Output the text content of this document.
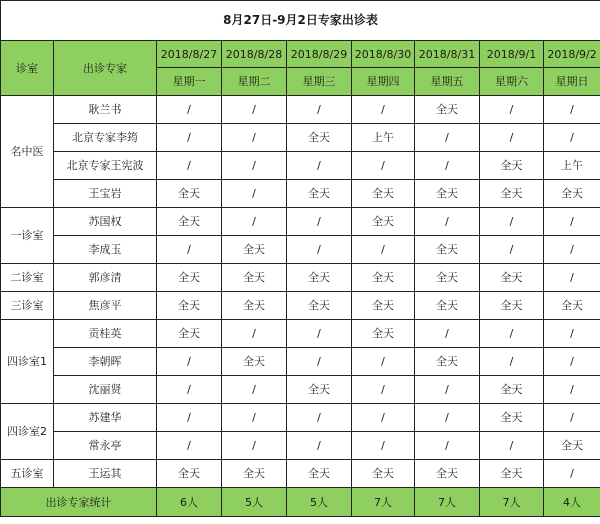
8月27日-9月2日专家出诊表								
诊室	出诊专家	2018/8/27	2018/8/28	2018/8/29	2018/8/30	2018/8/31	2018/9/1	2018/9/2
		星期一	星期二	星期三	星期四	星期五	星期六	星期日
名中医	耿兰书	/	/	/	/	全天	/	/
	北京专家李筠	/	/	全天	上午	/	/	/
	北京专家王宪波	/	/	/	/	/	全天	上午
	王宝岩	全天	/	全天	全天	全天	全天	全天
一诊室	苏国权	全天	/	/	全天	/	/	/
	李成玉	/	全天	/	/	全天	/	/
二诊室	郭彦清	全天	全天	全天	全天	全天	全天	/
三诊室	焦彦平	全天	全天	全天	全天	全天	全天	全天
四诊室1	贡桂英	全天	/	/	全天	/	/	/
	李朝晖	/	全天	/	/	全天	/	/
	沈丽贤	/	/	全天	/	/	全天	/
四诊室2	苏建华	/	/	/	/	/	全天	/
	常永亭	/	/	/	/	/	/	全天
五诊室	王运其	全天	全天	全天	全天	全天	全天	/
出诊专家统计		6人	5人	5人	7人	7人	7人	4人
